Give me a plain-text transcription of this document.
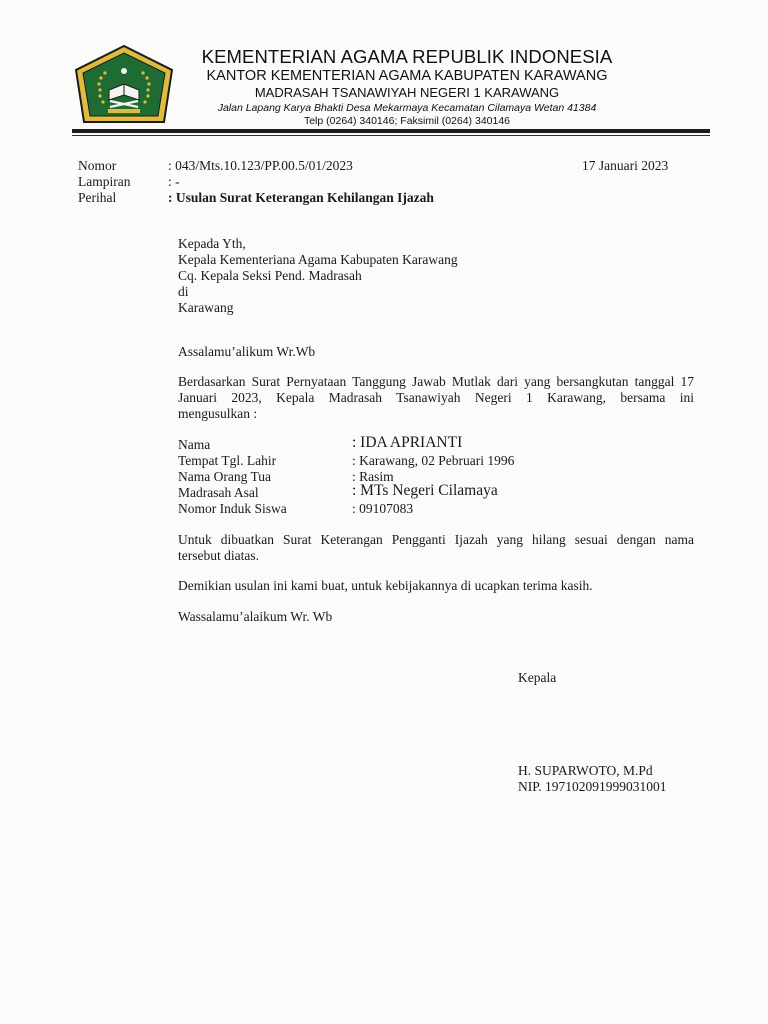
KEMENTERIAN AGAMA REPUBLIK INDONESIA
KANTOR KEMENTERIAN AGAMA KABUPATEN KARAWANG
MADRASAH TSANAWIYAH NEGERI 1 KARAWANG
Jalan Lapang Karya Bhakti Desa Mekarmaya Kecamatan Cilamaya Wetan 41384
Telp (0264) 340146; Faksimil (0264) 340146
Nomor	: 043/Mts.10.123/PP.00.5/01/2023	17 Januari 2023
Lampiran	: -
Perihal	: Usulan Surat Keterangan Kehilangan Ijazah
Kepada Yth,
Kepala Kementeriana Agama Kabupaten Karawang
Cq. Kepala Seksi Pend. Madrasah
di
Karawang
Assalamu’alikum Wr.Wb
Berdasarkan Surat Pernyataan Tanggung Jawab Mutlak dari yang bersangkutan tanggal 17
Januari 2023, Kepala Madrasah Tsanawiyah Negeri 1 Karawang, bersama ini
mengusulkan :
Nama	: IDA APRIANTI
Tempat Tgl. Lahir	: Karawang, 02 Pebruari 1996
Nama Orang Tua	: Rasim
Madrasah Asal	: MTs Negeri Cilamaya
Nomor Induk Siswa	: 09107083
Untuk dibuatkan Surat Keterangan Pengganti Ijazah yang hilang sesuai dengan nama
tersebut diatas.
Demikian usulan ini kami buat, untuk kebijakannya di ucapkan terima kasih.
Wassalamu’alaikum Wr. Wb
Kepala
H. SUPARWOTO, M.Pd
NIP. 197102091999031001
